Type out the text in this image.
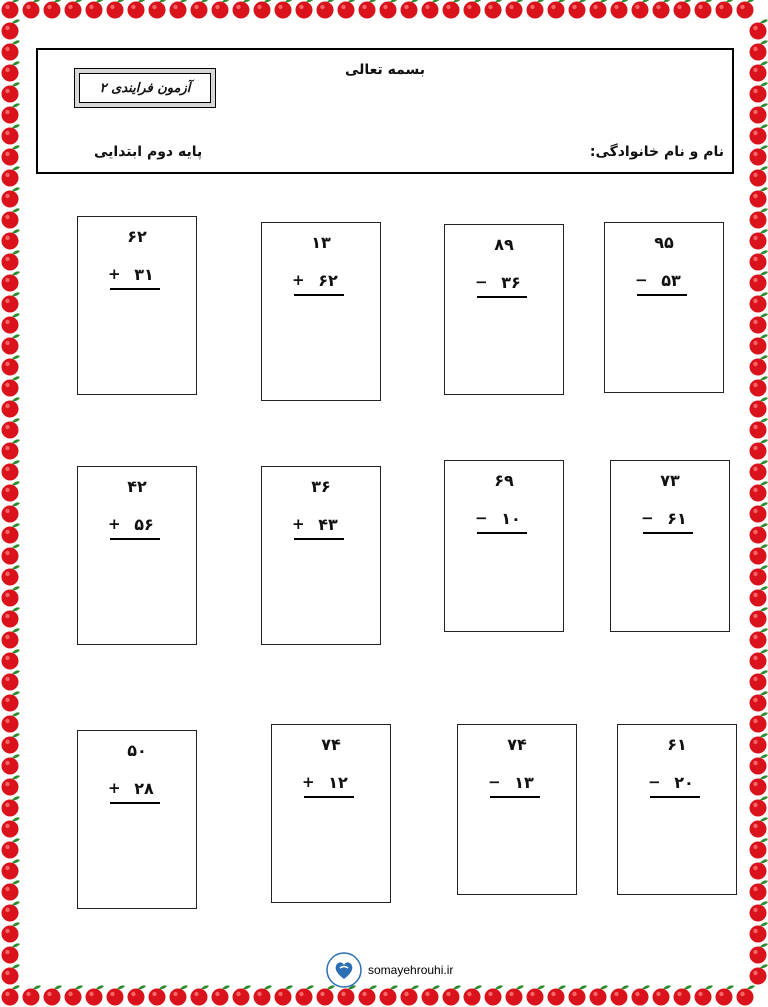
بسمه تعالی
آزمون فرایندی ۲
نام و نام خانوادگی:
پایه دوم ابتدایی
۶۲
+ ۳۱
۱۳
+ ۶۲
۸۹
− ۳۶
۹۵
− ۵۳
۴۲
+ ۵۶
۳۶
+ ۴۳
۶۹
− ۱۰
۷۳
− ۶۱
۵۰
+ ۲۸
۷۴
+ ۱۲
۷۴
− ۱۳
۶۱
− ۲۰
somayehrouhi.ir
